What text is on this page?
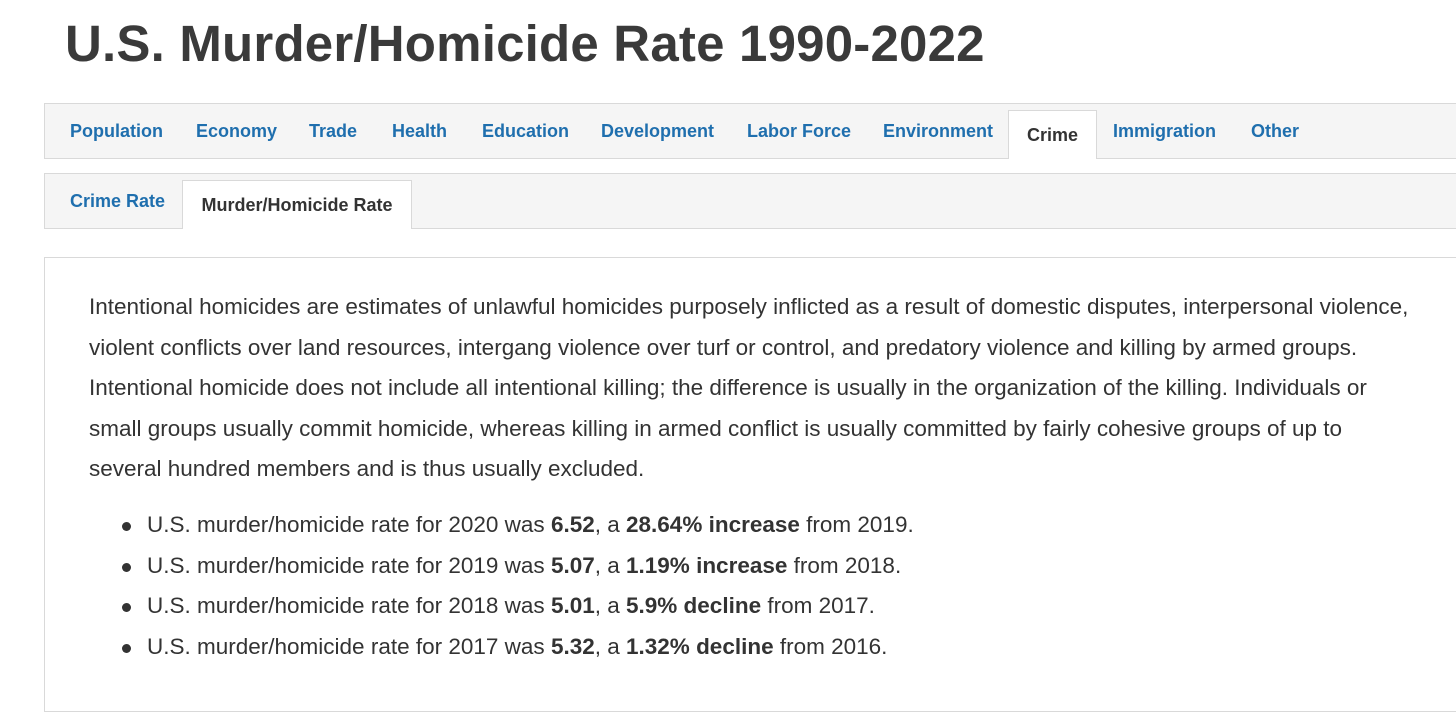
U.S. Murder/Homicide Rate 1990-2022
Population Economy Trade Health Education Development Labor Force Environment	Crime	Immigration Other
Crime Rate	Murder/Homicide Rate

Intentional homicides are estimates of unlawful homicides purposely inflicted as a result of domestic disputes, interpersonal violence, violent conflicts over land resources, intergang violence over turf or control, and predatory violence and killing by armed groups. Intentional homicide does not include all intentional killing; the difference is usually in the organization of the killing. Individuals or small groups usually commit homicide, whereas killing in armed conflict is usually committed by fairly cohesive groups of up to several hundred members and is thus usually excluded.

U.S. murder/homicide rate for 2020 was 6.52, a 28.64% increase from 2019.
U.S. murder/homicide rate for 2019 was 5.07, a 1.19% increase from 2018.
U.S. murder/homicide rate for 2018 was 5.01, a 5.9% decline from 2017.
U.S. murder/homicide rate for 2017 was 5.32, a 1.32% decline from 2016.
